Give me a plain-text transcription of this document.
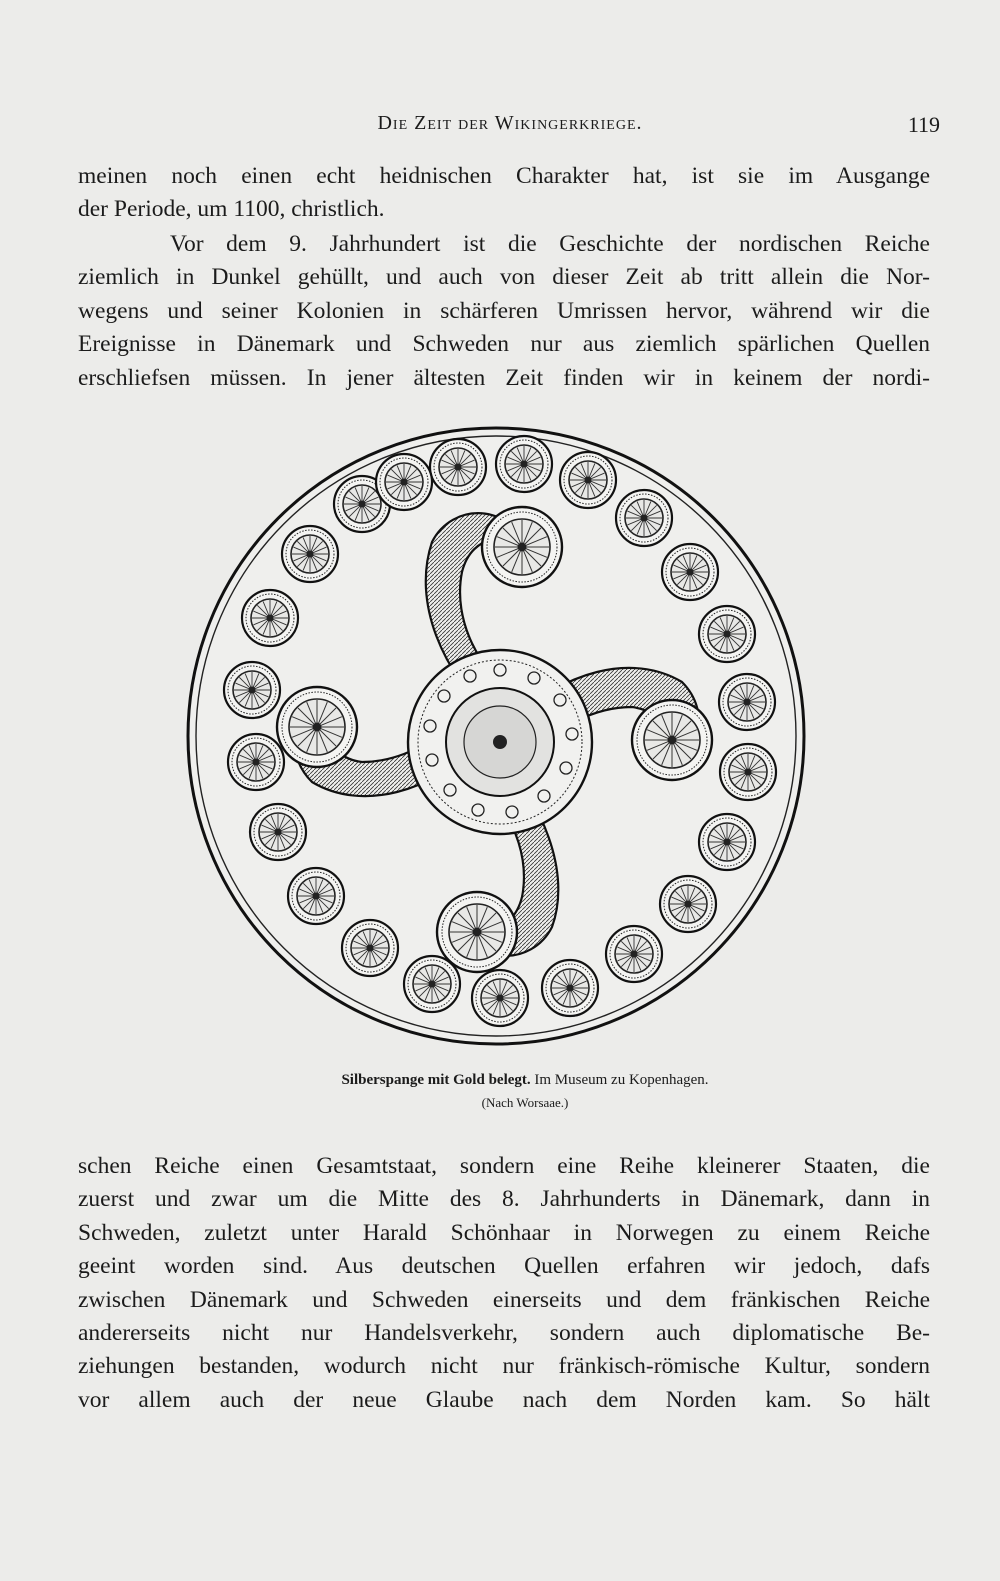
Die Zeit der Wikingerkriege.	119
meinen noch einen echt heidnischen Charakter hat, ist sie im Ausgange
der Periode, um 1100, christlich.
Vor dem 9. Jahrhundert ist die Geschichte der nordischen Reiche
ziemlich in Dunkel gehüllt, und auch von dieser Zeit ab tritt allein die Nor-
wegens und seiner Kolonien in schärferen Umrissen hervor, während wir die
Ereignisse in Dänemark und Schweden nur aus ziemlich spärlichen Quellen
erschliefsen müssen. In jener ältesten Zeit finden wir in keinem der nordi-
Silberspange mit Gold belegt. Im Museum zu Kopenhagen.
(Nach Worsaae.)
schen Reiche einen Gesamtstaat, sondern eine Reihe kleinerer Staaten, die
zuerst und zwar um die Mitte des 8. Jahrhunderts in Dänemark, dann in
Schweden, zuletzt unter Harald Schönhaar in Norwegen zu einem Reiche
geeint worden sind. Aus deutschen Quellen erfahren wir jedoch, dafs
zwischen Dänemark und Schweden einerseits und dem fränkischen Reiche
andererseits nicht nur Handelsverkehr, sondern auch diplomatische Be-
ziehungen bestanden, wodurch nicht nur fränkisch-römische Kultur, sondern
vor allem auch der neue Glaube nach dem Norden kam. So hält
